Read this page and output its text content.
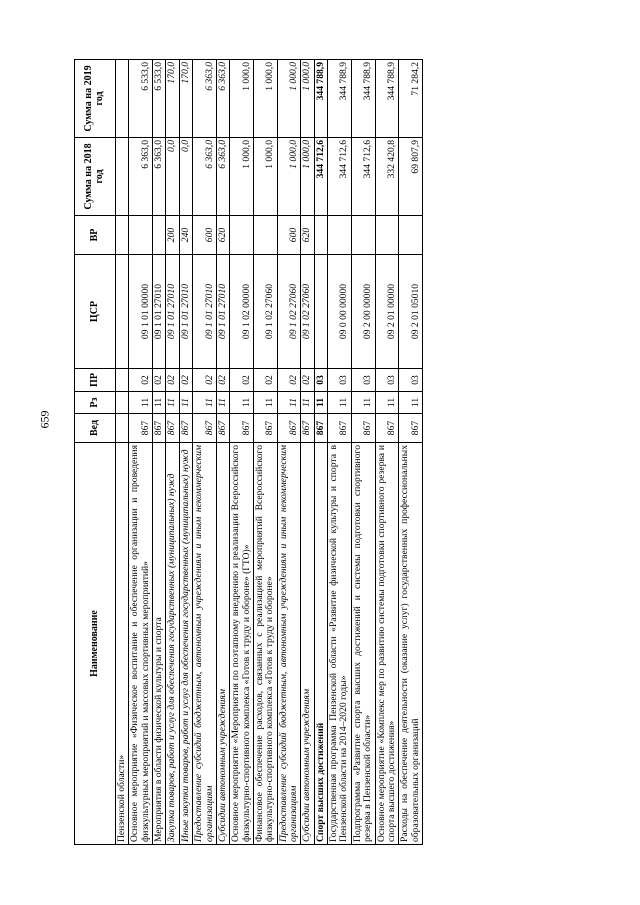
659
Наименование	Вед	Рз	ПР	ЦСР	ВР	Сумма на 2018 год	Сумма на 2019 год
Пензенской области»							
Основное мероприятие «Физическое воспитание и обеспечение организации и проведения физкультурных мероприятий и массовых спортивных мероприятий»	867	11	02	09 1 01 00000		6 363,0	6 533,0
Мероприятия в области физической культуры и спорта	867	11	02	09 1 01 27010		6 363,0	6 533,0
Закупка товаров, работ и услуг для обеспечения государственных (муниципальных) нужд	867	11	02	09 1 01 27010	200	0,0	170,0
Иные закупки товаров, работ и услуг для обеспечения государственных (муниципальных) нужд	867	11	02	09 1 01 27010	240	0,0	170,0
Предоставление субсидий бюджетным, автономным учреждениям и иным некоммерческим организациям	867	11	02	09 1 01 27010	600	6 363,0	6 363,0
Субсидии автономным учреждениям	867	11	02	09 1 01 27010	620	6 363,0	6 363,0
Основное мероприятие «Мероприятия по поэтапному внедрению и реализации Всероссийского физкультурно-спортивного комплекса «Готов к труду и обороне» (ГТО)»	867	11	02	09 1 02 00000		1 000,0	1 000,0
Финансовое обеспечение расходов, связанных с реализацией мероприятий Всероссийского физкультурно-спортивного комплекса «Готов к труду и обороне»	867	11	02	09 1 02 27060		1 000,0	1 000,0
Предоставление субсидий бюджетным, автономным учреждениям и иным некоммерческим организациям	867	11	02	09 1 02 27060	600	1 000,0	1 000,0
Субсидии автономным учреждениям	867	11	02	09 1 02 27060	620	1 000,0	1 000,0
Спорт высших достижений	867	11	03			344 712,6	344 788,9
Государственная программа Пензенской области «Развитие физической культуры и спорта в Пензенской области на 2014–2020 годы»	867	11	03	09 0 00 00000		344 712,6	344 788,9
Подпрограмма «Развитие спорта высших достижений и системы подготовки спортивного резерва в Пензенской области»	867	11	03	09 2 00 00000		344 712,6	344 788,9
Основное мероприятие «Комплекс мер по развитию системы подготовки спортивного резерва и спорта высшего достижения»	867	11	03	09 2 01 00000		332 420,8	344 788,9
Расходы на обеспечение деятельности (оказание услуг) государственных профессиональных образовательных организаций	867	11	03	09 2 01 05010		69 807,9	71 284,2
